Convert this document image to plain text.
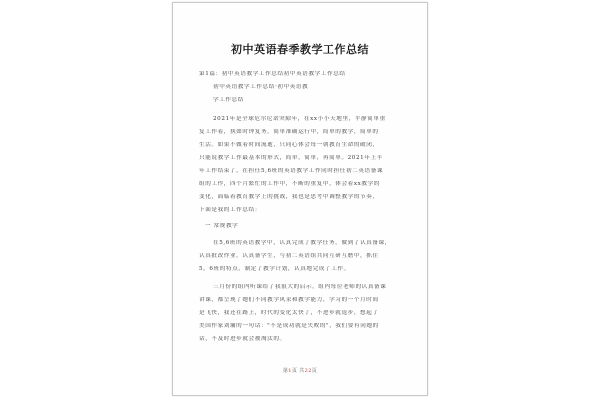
初中英语春季教学工作总结
第1篇：初中英语教学工作总结初中英语教学工作总结
初中英语教学工作总结·初中英语教
学工作总结
2021年是全球危尔尼诺突隙年，在xx小小天地里，平静简单重
复工作着，执如时钟复务，简单准确运行中，简单的教学，简单的
生活。如果不做着时间流逝，只同心体会每一朝教育生命的破闭，
只能说教学工作最基本的形式，简单，简单，再简单。2021年上半
年工作结束了，在担任5,6班的英语教学工作同时担任初二英语备课
组的工作，四个月繁忙的工作中，不断的重复中，体会着xx教学的
变化，面临着教育教学上的挑战，我也是思考中调整教学的节奏，
下面是我的工作总结：
一 常规教学
在5,6班的英语教学中，认真完成了教学任务，做到了认真备课，
认真批改作业，认真备学生，与初二英语组共同互研互磨中，抓住
5，6班的特点，制定了教学计划，认真地完成了工作。
三月份的组内听课给了我很大的启示，组内每位老师的认真备课
讲课，都呈现了她们不同教学风采和教学能力，学习的一个月时间
是飞快，我还在路上，时代的变化太快了，不进步就退步，想起了
美国作家刘墉的一句话："不是成功就是失败的"，我们要有同她的
话，不及时进步就会被淘汰的。
第1页 共22页
